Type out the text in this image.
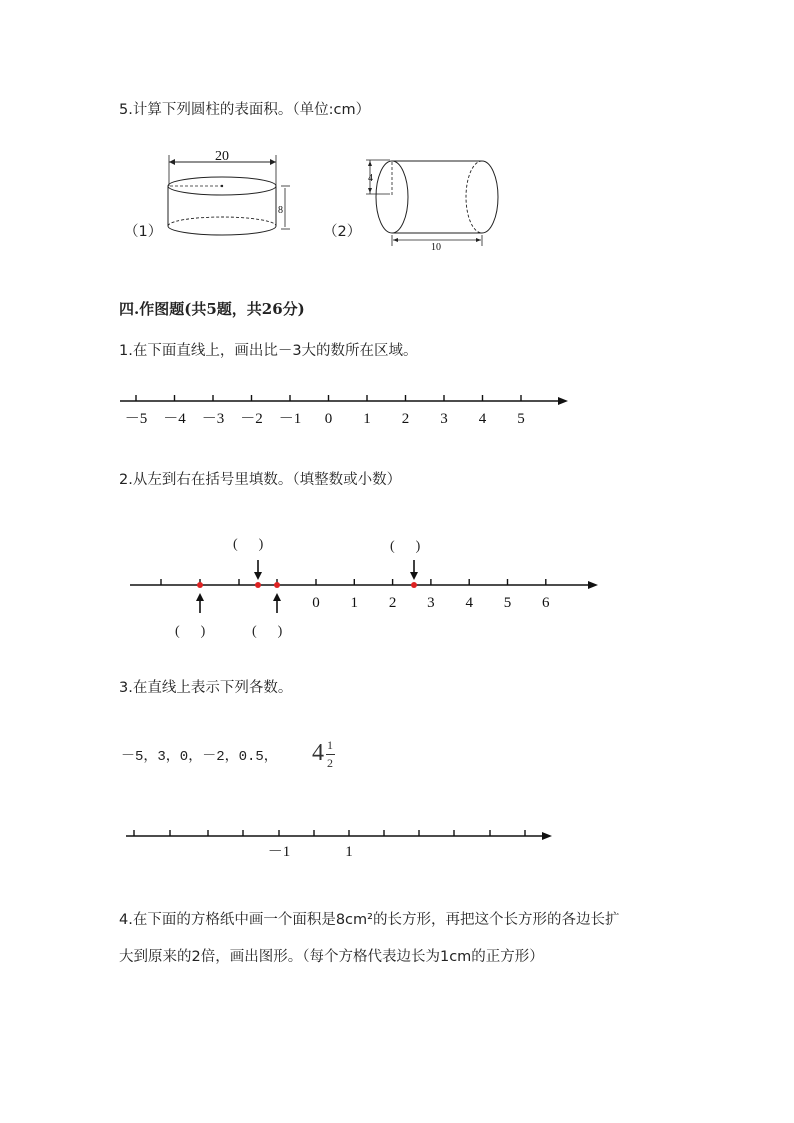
5.计算下列圆柱的表面积。（单位:cm）
（1）
20
8
（2）
4
10
四.作图题(共5题，共26分)
1.在下面直线上，画出比－3大的数所在区域。
－5 －4 －3 －2 －1 0 1 2 3 4 5
2.从左到右在括号里填数。（填整数或小数）
0 1 2 3 4 5 6
(      )	(      )
(      )	(      )
3.在直线上表示下列各数。
－5，3，0，－2，0.5， 4 1
2
－1	1
4.在下面的方格纸中画一个面积是8cm²的长方形，再把这个长方形的各边长扩
大到原来的2倍，画出图形。（每个方格代表边长为1cm的正方形）
